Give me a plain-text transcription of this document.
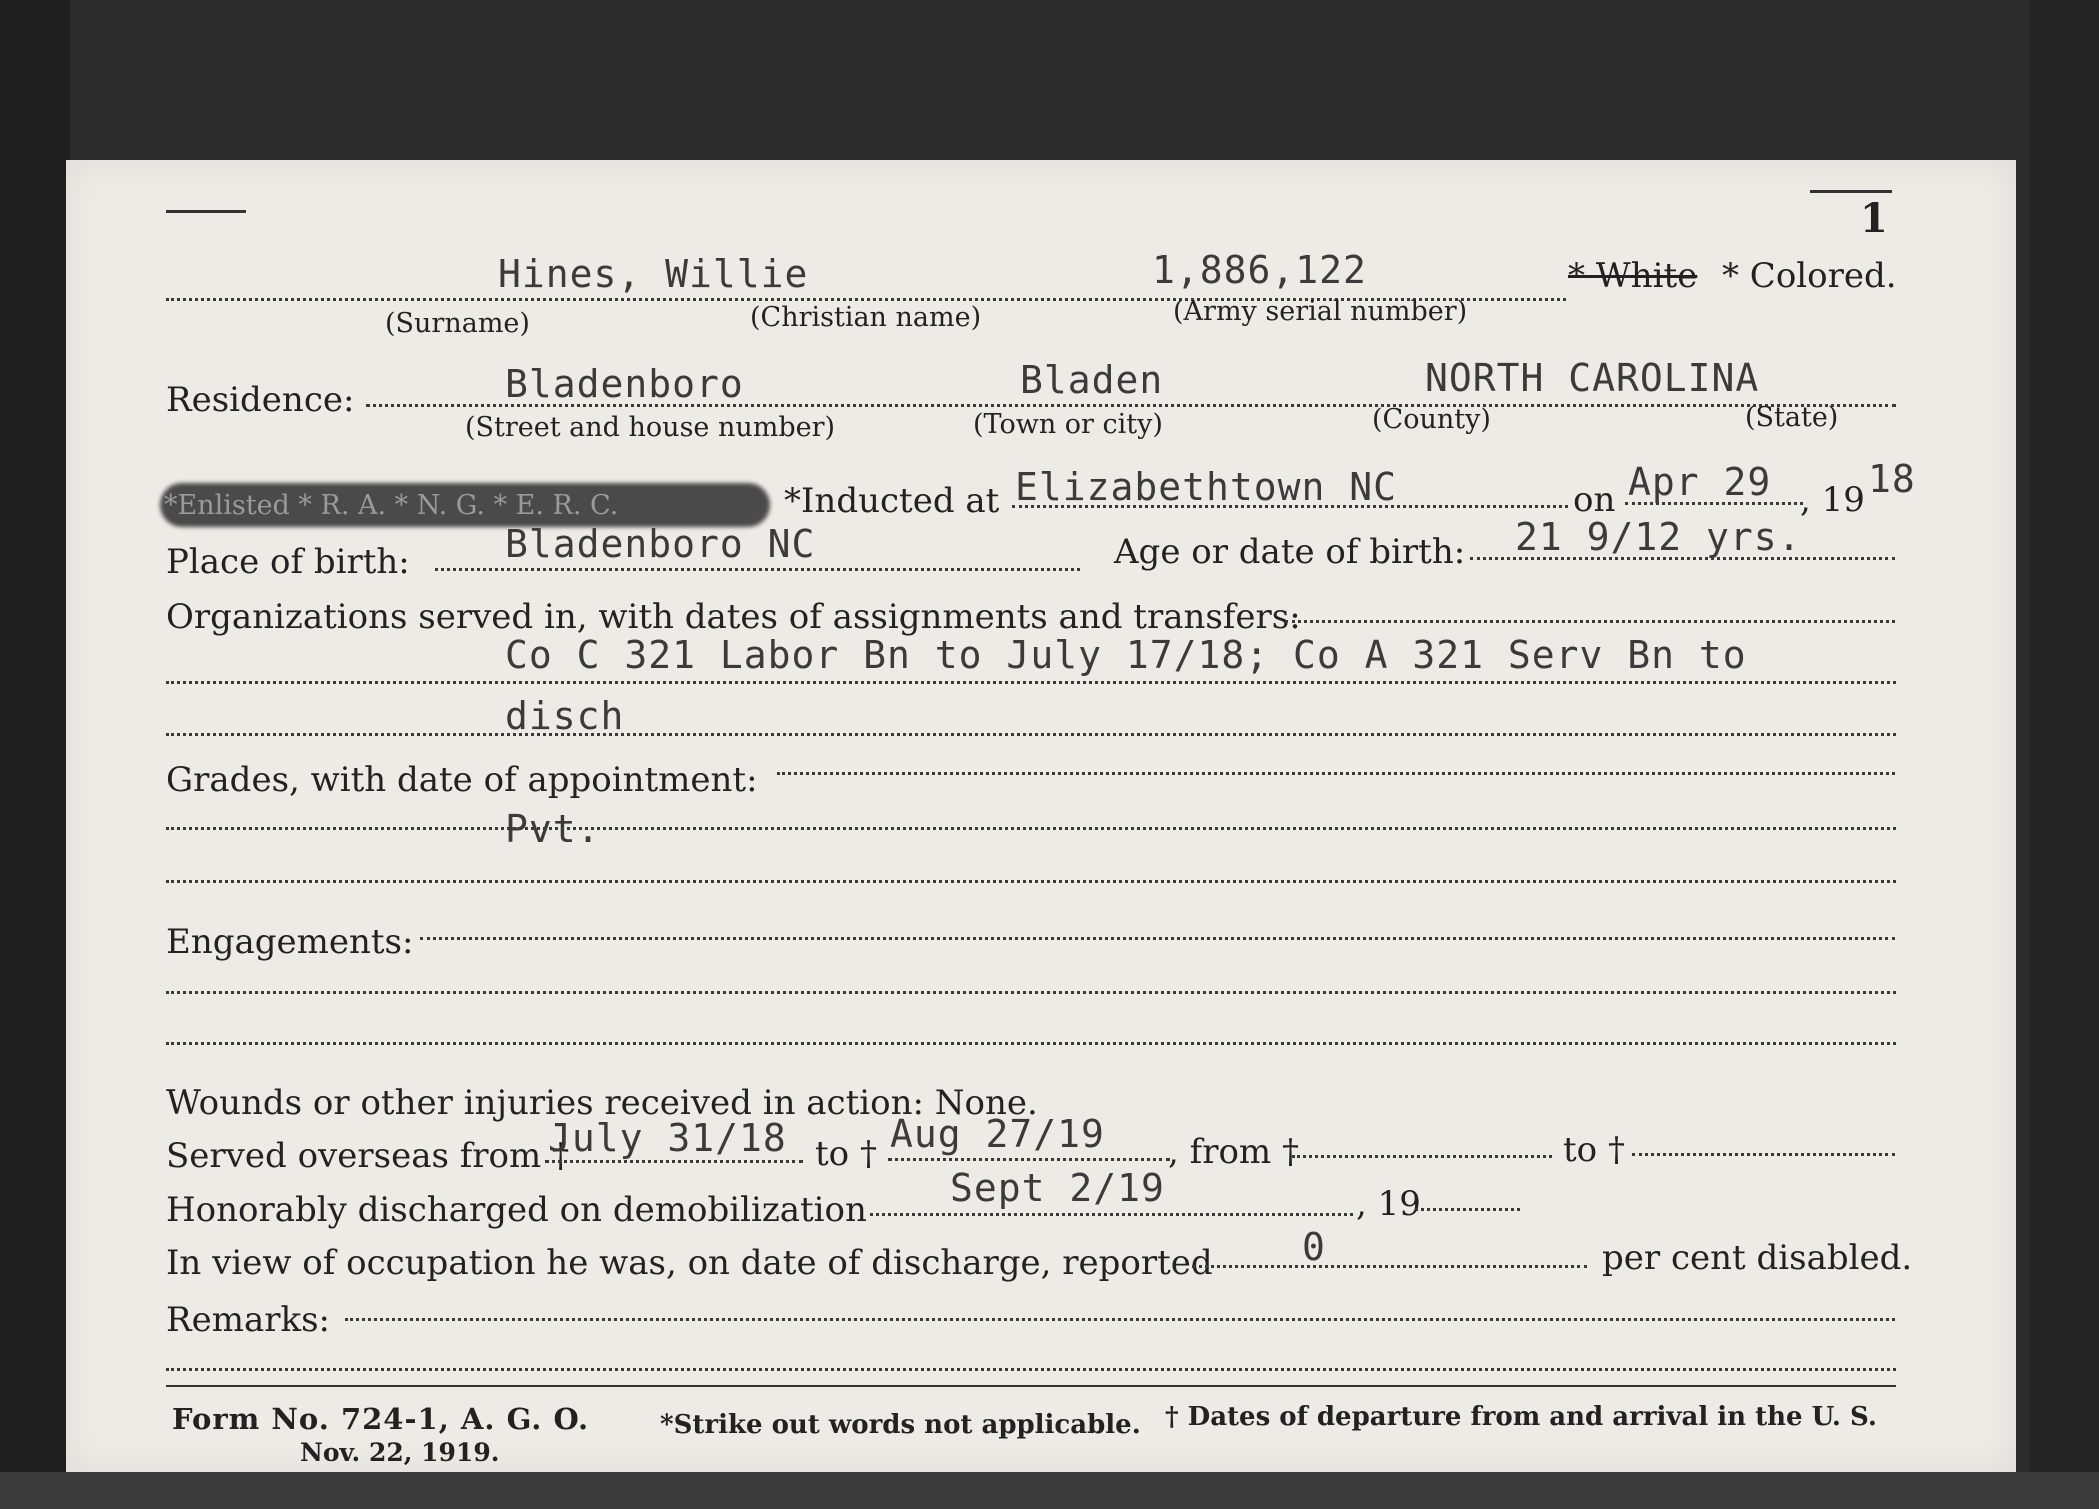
1
Hines, Willie	1,886,122	* White * Colored.
(Surname)	(Christian name)	(Army serial number)
Residence:	Bladenboro	Bladen	NORTH CAROLINA
(Street and house number)	(Town or city)	(County)	(State)
*Enlisted * R. A. * N. G. * E. R. C.	*Inducted at Elizabethtown NC	on Apr 29 , 19 18
Place of birth:	Bladenboro NC	Age or date of birth: 21 9/12 yrs.
Organizations served in, with dates of assignments and transfers:
Co C 321 Labor Bn to July 17/18; Co A 321 Serv Bn to
disch
Grades, with date of appointment:
Pvt.
Engagements:
Wounds or other injuries received in action: None.
Served overseas from †
July 31/18 to † Aug 27/19 , from †	to †
Honorably discharged on demobilization Sept 2/19	, 19
In view of occupation he was, on date of discharge, reported 0	per cent disabled.
Remarks:
Form No. 724-1, A. G. O.
Nov. 22, 1919.
*Strike out words not applicable. † Dates of departure from and arrival in the U. S.
